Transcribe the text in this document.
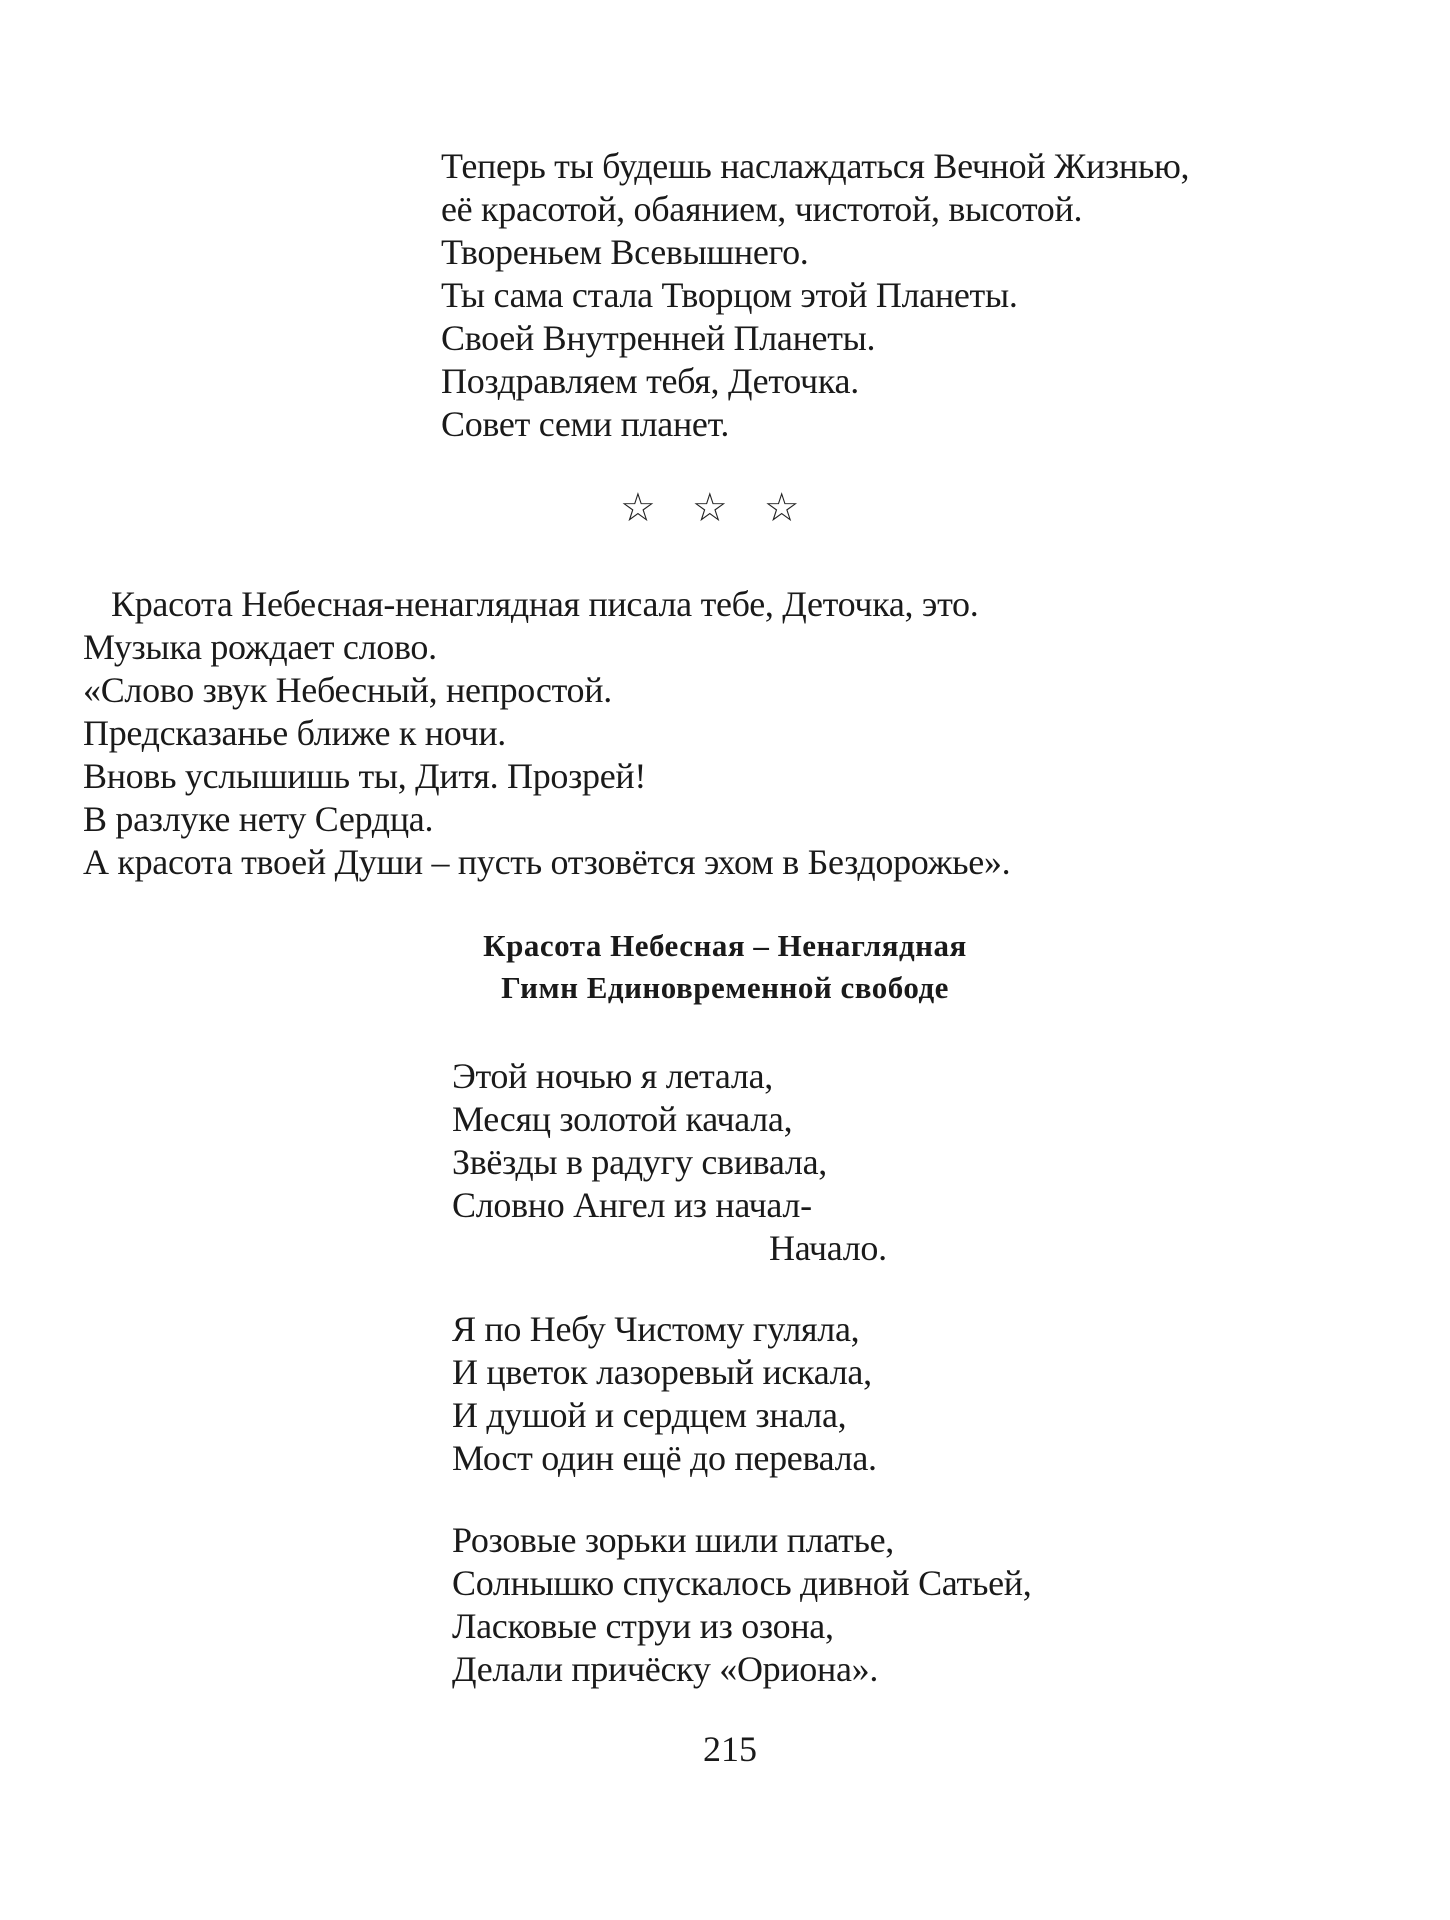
Теперь ты будешь наслаждаться Вечной Жизнью,
её красотой, обаянием, чистотой, высотой.
Твореньем Всевышнего.
Ты сама стала Творцом этой Планеты.
Своей Внутренней Планеты.
Поздравляем тебя, Деточка.
Совет семи планет.
☆☆☆
Красота Небесная-ненаглядная писала тебе, Деточка, это.
Музыка рождает слово.
«Слово звук Небесный, непростой.
Предсказанье ближе к ночи.
Вновь услышишь ты, Дитя. Прозрей!
В разлуке нету Сердца.
А красота твоей Души – пусть отзовётся эхом в Бездорожье».
Красота Небесная – Ненаглядная
Гимн Единовременной свободе
Этой ночью я летала,
Месяц золотой качала,
Звёзды в радугу свивала,
Словно Ангел из начал-
Начало.
Я по Небу Чистому гуляла,
И цветок лазоревый искала,
И душой и сердцем знала,
Мост один ещё до перевала.
Розовые зорьки шили платье,
Солнышко спускалось дивной Сатьей,
Ласковые струи из озона,
Делали причёску «Ориона».
215
